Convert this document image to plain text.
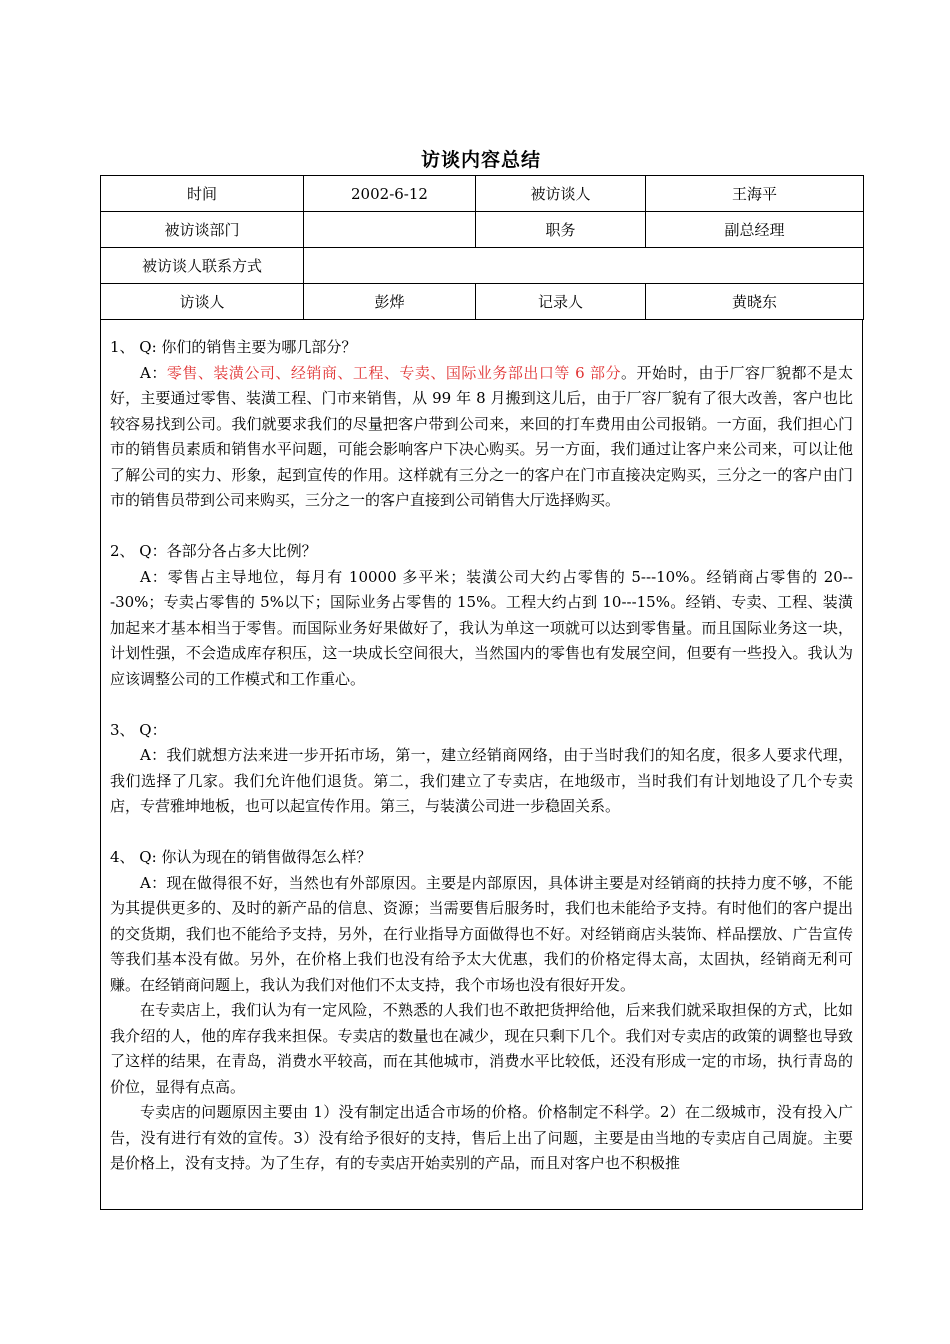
访谈内容总结
时间	2002-6-12	被访谈人	王海平
被访谈部门		职务	副总经理
被访谈人联系方式			
访谈人	彭烨	记录人	黄晓东

1、 Q: 你们的销售主要为哪几部分？

A：零售、装潢公司、经销商、工程、专卖、国际业务部出口等 6 部分。开始时，由于厂容厂貌都不是太好，主要通过零售、装潢工程、门市来销售，从 99 年 8 月搬到这儿后，由于厂容厂貌有了很大改善，客户也比较容易找到公司。我们就要求我们的尽量把客户带到公司来，来回的打车费用由公司报销。一方面，我们担心门市的销售员素质和销售水平问题，可能会影响客户下决心购买。另一方面，我们通过让客户来公司来，可以让他了解公司的实力、形象，起到宣传的作用。这样就有三分之一的客户在门市直接决定购买，三分之一的客户由门市的销售员带到公司来购买，三分之一的客户直接到公司销售大厅选择购买。

2、 Q：各部分各占多大比例？

A：零售占主导地位，每月有 10000 多平米；装潢公司大约占零售的 5---10%。经销商占零售的 20---30%；专卖占零售的 5%以下；国际业务占零售的 15%。工程大约占到 10---15%。经销、专卖、工程、装潢加起来才基本相当于零售。而国际业务好果做好了，我认为单这一项就可以达到零售量。而且国际业务这一块，计划性强，不会造成库存积压，这一块成长空间很大，当然国内的零售也有发展空间，但要有一些投入。我认为应该调整公司的工作模式和工作重心。

3、 Q：

A：我们就想方法来进一步开拓市场，第一，建立经销商网络，由于当时我们的知名度，很多人要求代理，我们选择了几家。我们允许他们退货。第二，我们建立了专卖店，在地级市，当时我们有计划地设了几个专卖店，专营雅坤地板，也可以起宣传作用。第三，与装潢公司进一步稳固关系。

4、 Q: 你认为现在的销售做得怎么样？

A：现在做得很不好，当然也有外部原因。主要是内部原因，具体讲主要是对经销商的扶持力度不够，不能为其提供更多的、及时的新产品的信息、资源；当需要售后服务时，我们也未能给予支持。有时他们的客户提出的交货期，我们也不能给予支持，另外，在行业指导方面做得也不好。对经销商店头装饰、样品摆放、广告宣传等我们基本没有做。另外，在价格上我们也没有给予太大优惠，我们的价格定得太高，太固执，经销商无利可赚。在经销商问题上，我认为我们对他们不太支持，我个市场也没有很好开发。

在专卖店上，我们认为有一定风险，不熟悉的人我们也不敢把货押给他，后来我们就采取担保的方式，比如我介绍的人，他的库存我来担保。专卖店的数量也在减少，现在只剩下几个。我们对专卖店的政策的调整也导致了这样的结果，在青岛，消费水平较高，而在其他城市，消费水平比较低，还没有形成一定的市场，执行青岛的价位，显得有点高。

专卖店的问题原因主要由 1）没有制定出适合市场的价格。价格制定不科学。2）在二级城市，没有投入广告，没有进行有效的宣传。3）没有给予很好的支持，售后上出了问题，主要是由当地的专卖店自己周旋。主要是价格上，没有支持。为了生存，有的专卖店开始卖别的产品，而且对客户也不积极推
